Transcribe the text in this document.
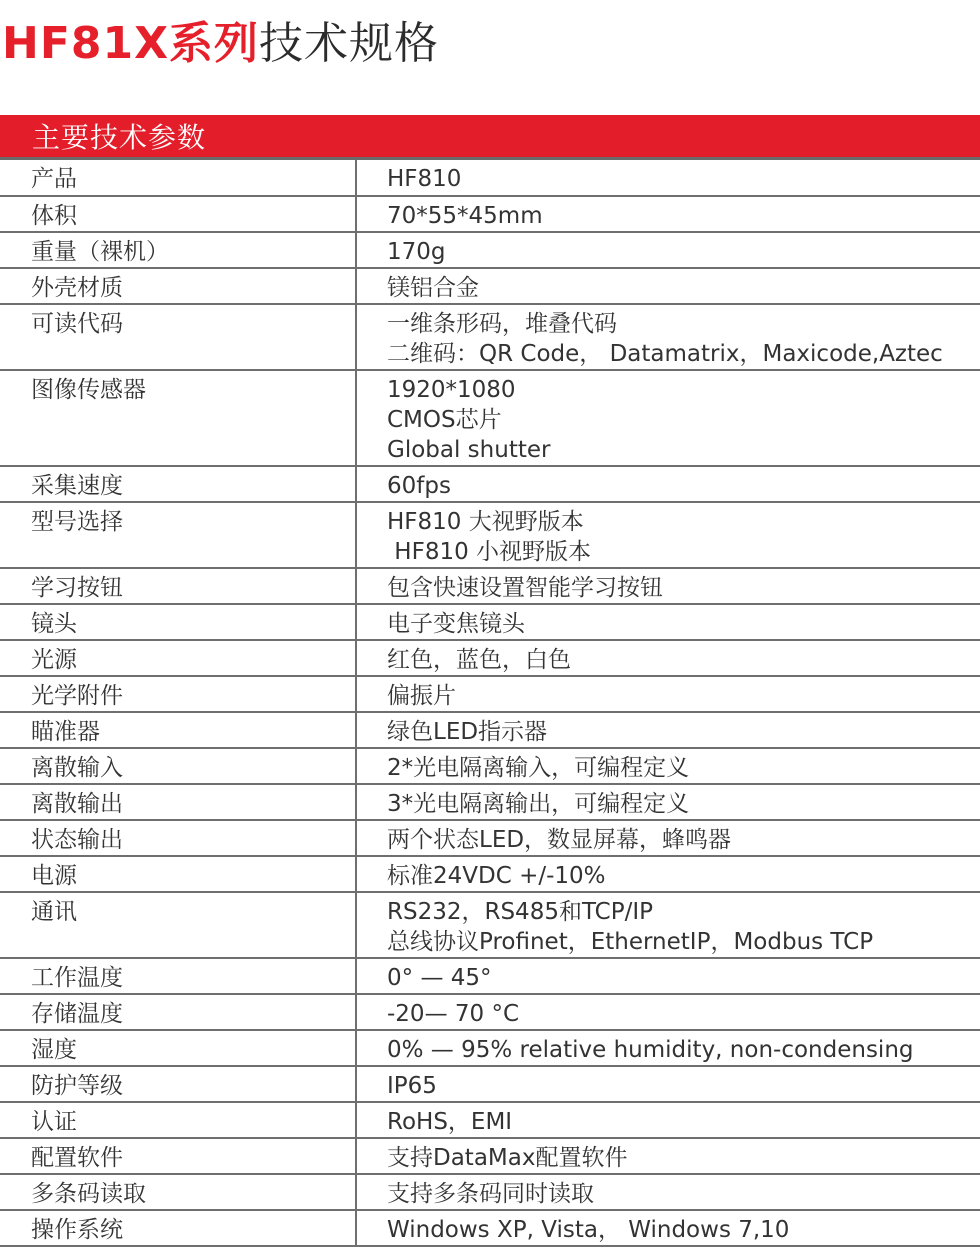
HF81X系列技术规格
主要技术参数
产品	HF810

体积	70*55*45mm

重量（裸机）	170g

外壳材质	镁铝合金

可读代码	一维条形码，堆叠代码
二维码：QR Code， Datamatrix，Maxicode,Aztec

图像传感器	1920*1080
CMOS芯片
Global shutter

采集速度	60fps

型号选择	HF810 大视野版本
HF810 小视野版本

学习按钮	包含快速设置智能学习按钮

镜头	电子变焦镜头

光源	红色，蓝色，白色

光学附件	偏振片

瞄准器	绿色LED指示器

离散输入	2*光电隔离输入，可编程定义

离散输出	3*光电隔离输出，可编程定义

状态输出	两个状态LED，数显屏幕，蜂鸣器

电源	标准24VDC +/-10%

通讯	RS232，RS485和TCP/IP
总线协议Profinet，EthernetIP，Modbus TCP

工作温度	0° — 45°

存储温度	-20— 70 °C

湿度	0% — 95% relative humidity, non-condensing

防护等级	IP65

认证	RoHS，EMI

配置软件	支持DataMax配置软件

多条码读取	支持多条码同时读取

操作系统	Windows XP, Vista， Windows 7,10
